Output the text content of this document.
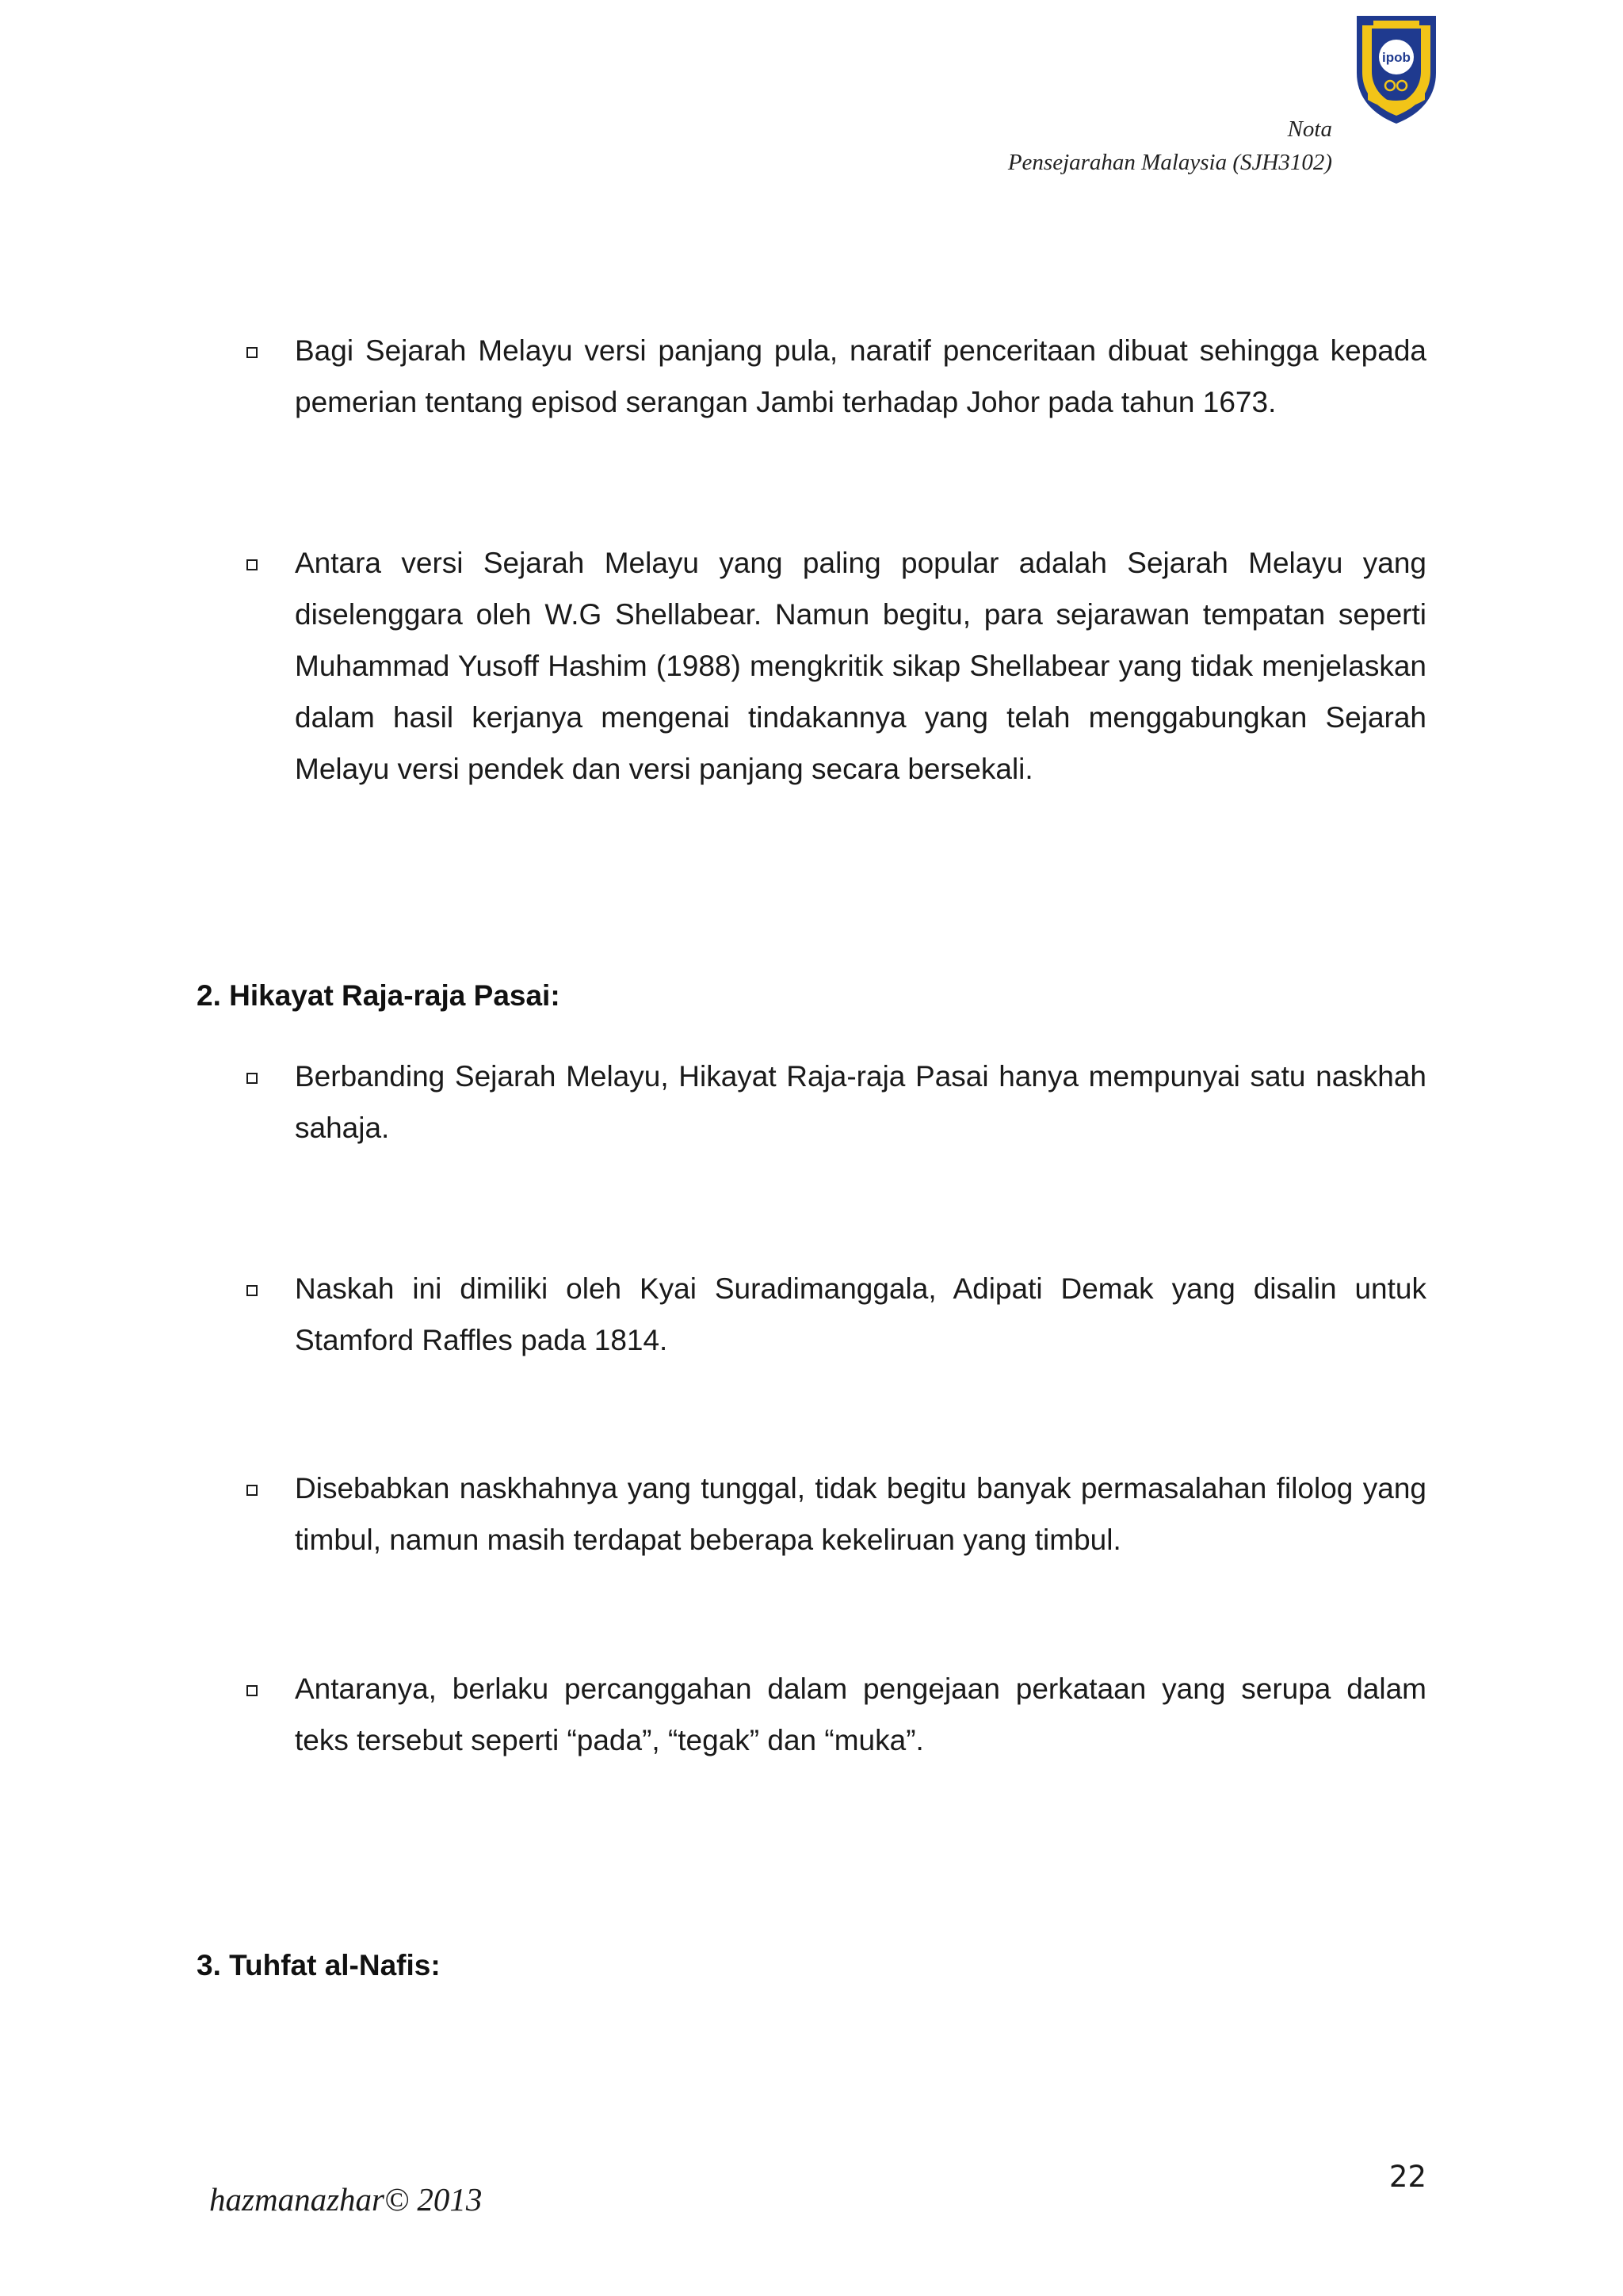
ipob
Nota
Pensejarahan Malaysia (SJH3102)
Bagi Sejarah Melayu versi panjang pula, naratif penceritaan dibuat sehingga kepada pemerian tentang episod serangan Jambi terhadap Johor pada tahun 1673.
Antara versi Sejarah Melayu yang paling popular adalah Sejarah Melayu yang diselenggara oleh W.G Shellabear. Namun begitu, para sejarawan tempatan seperti Muhammad Yusoff Hashim (1988) mengkritik sikap Shellabear yang tidak menjelaskan dalam hasil kerjanya mengenai tindakannya yang telah menggabungkan Sejarah Melayu versi pendek dan versi panjang secara bersekali.
2. Hikayat Raja-raja Pasai:
Berbanding Sejarah Melayu, Hikayat Raja-raja Pasai hanya mempunyai satu naskhah sahaja.
Naskah ini dimiliki oleh Kyai Suradimanggala, Adipati Demak yang disalin untuk Stamford Raffles pada 1814.
Disebabkan naskhahnya yang tunggal, tidak begitu banyak permasalahan filolog yang timbul, namun masih terdapat beberapa kekeliruan yang timbul.
Antaranya, berlaku percanggahan dalam pengejaan perkataan yang serupa dalam teks tersebut seperti “pada”, “tegak” dan “muka”.
3. Tuhfat al-Nafis:
hazmanazhar© 2013
22
